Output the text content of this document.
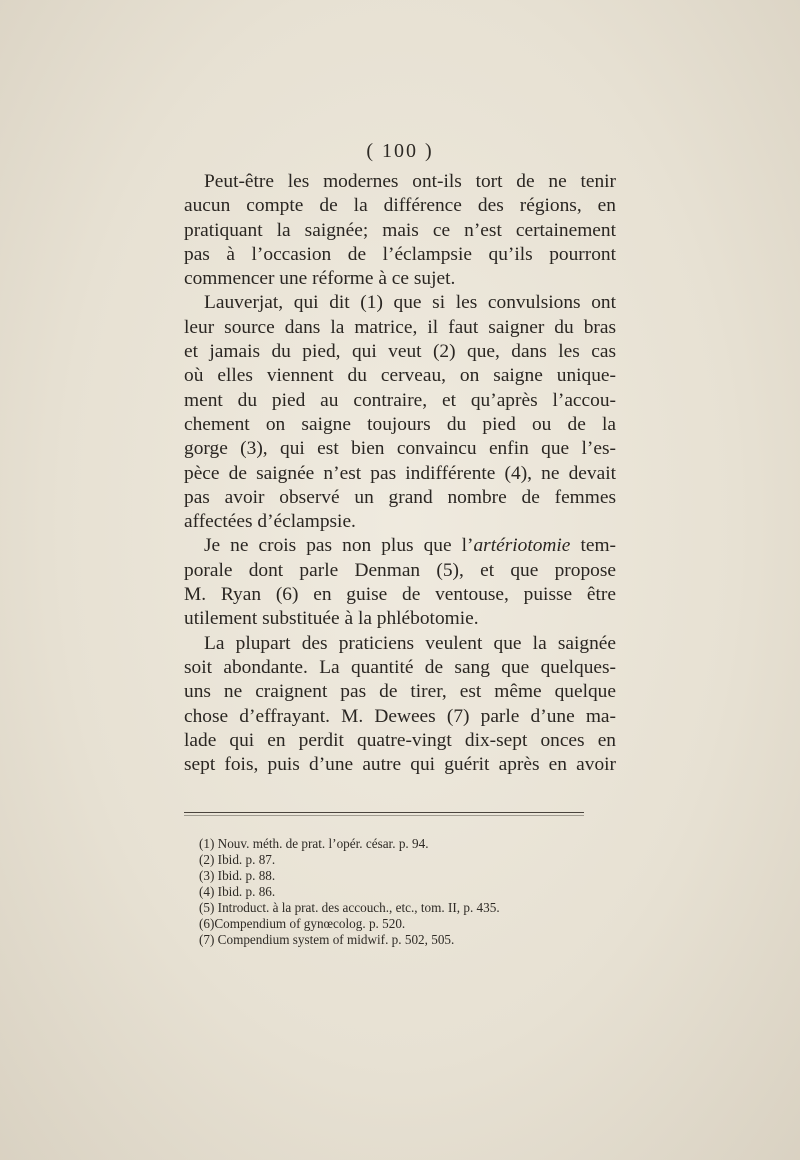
( 100 )

Peut-être les modernes ont-ils tort de ne tenir
aucun compte de la différence des régions, en
pratiquant la saignée; mais ce n’est certainement
pas à l’occasion de l’éclampsie qu’ils pourront
commencer une réforme à ce sujet.

Lauverjat, qui dit (1) que si les convulsions ont
leur source dans la matrice, il faut saigner du bras
et jamais du pied, qui veut (2) que, dans les cas
où elles viennent du cerveau, on saigne unique-
ment du pied au contraire, et qu’après l’accou-
chement on saigne toujours du pied ou de la
gorge (3), qui est bien convaincu enfin que l’es-
pèce de saignée n’est pas indifférente (4), ne devait
pas avoir observé un grand nombre de femmes
affectées d’éclampsie.

Je ne crois pas non plus que l’artériotomie tem-
porale dont parle Denman (5), et que propose
M. Ryan (6) en guise de ventouse, puisse être
utilement substituée à la phlébotomie.

La plupart des praticiens veulent que la saignée
soit abondante. La quantité de sang que quelques-
uns ne craignent pas de tirer, est même quelque
chose d’effrayant. M. Dewees (7) parle d’une ma-
lade qui en perdit quatre-vingt dix-sept onces en
sept fois, puis d’une autre qui guérit après en avoir

(1) Nouv. méth. de prat. l’opér. césar. p. 94.
(2) Ibid. p. 87.
(3) Ibid. p. 88.
(4) Ibid. p. 86.
(5) Introduct. à la prat. des accouch., etc., tom. II, p. 435.
(6)Compendium of gynœcolog. p. 520.
(7) Compendium system of midwif. p. 502, 505.
